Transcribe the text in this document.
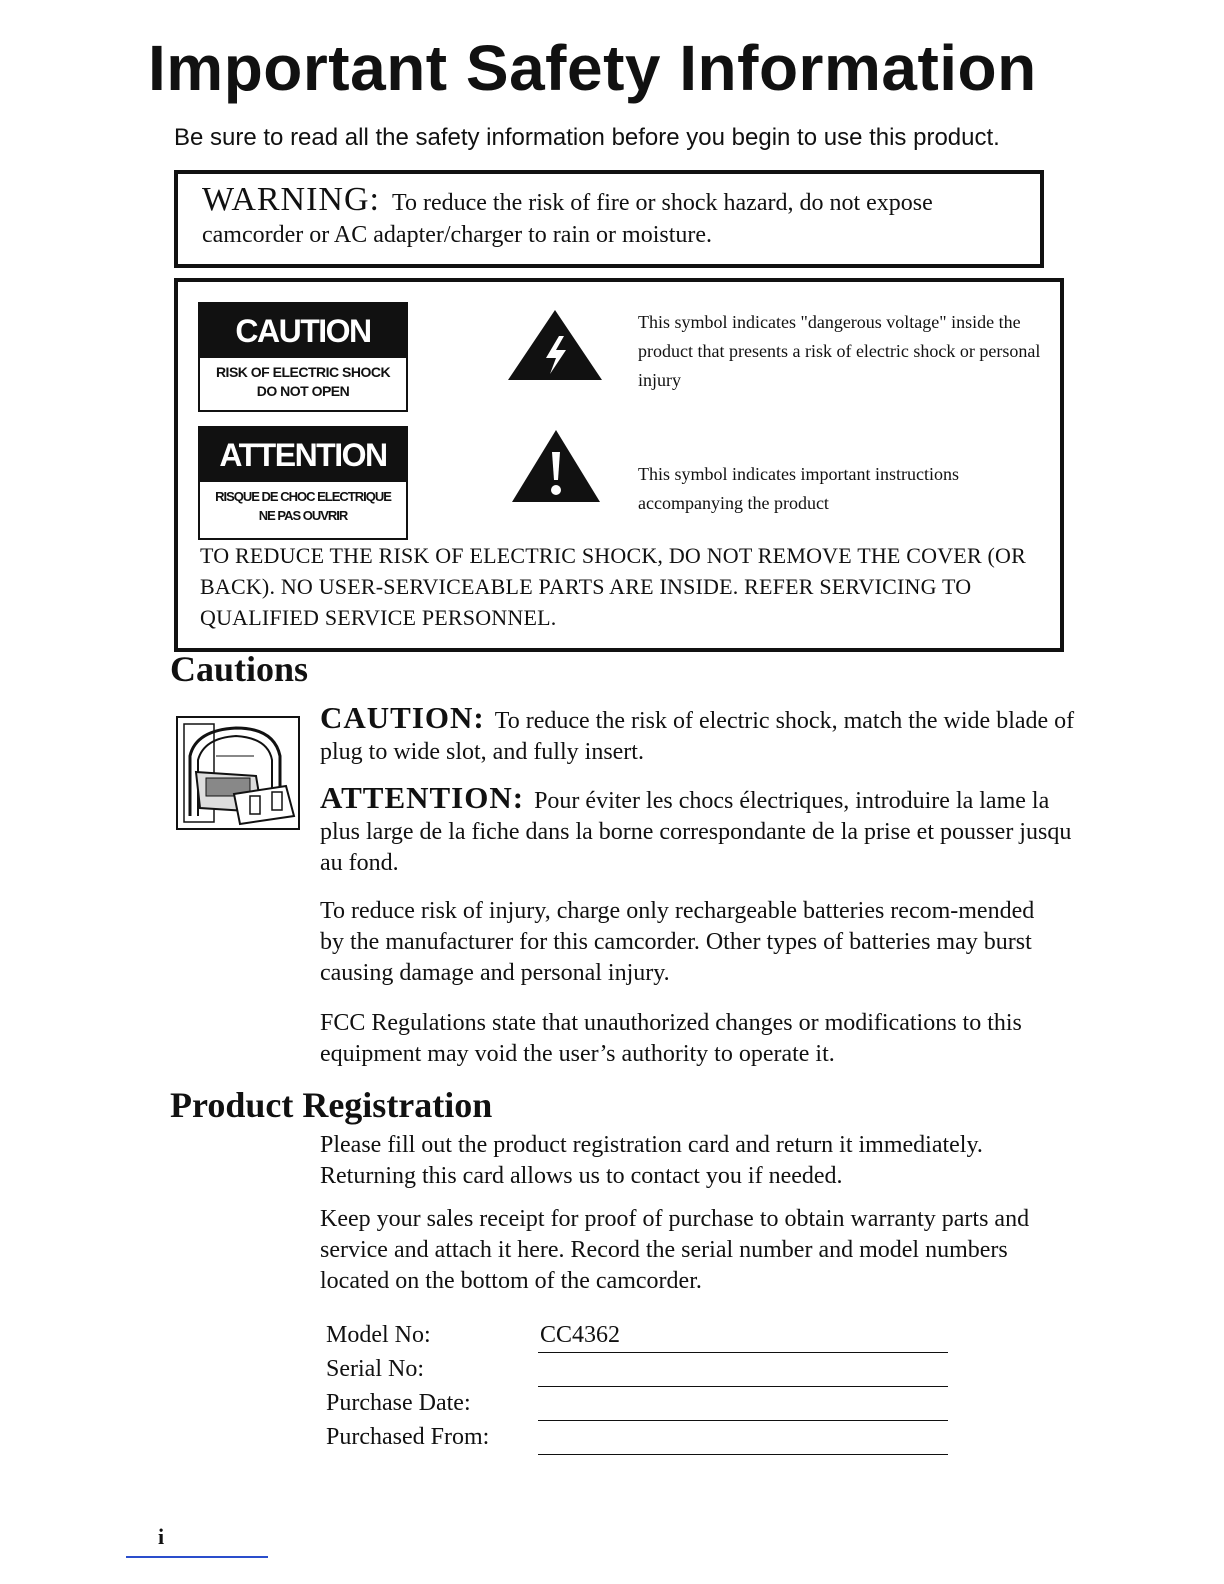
Important Safety Information
Be sure to read all the safety information before you begin to use this product.
WARNING: To reduce the risk of fire or shock hazard, do not expose camcorder or AC adapter/charger to rain or moisture.
CAUTION
RISK OF ELECTRIC SHOCK
DO NOT OPEN
ATTENTION
RISQUE DE CHOC ELECTRIQUE
NE PAS OUVRIR
This symbol indicates "dangerous voltage" inside the product that presents a risk of electric shock or personal injury
This symbol indicates important instructions accompanying the product
TO REDUCE THE RISK OF ELECTRIC SHOCK, DO NOT REMOVE THE COVER (OR BACK). NO USER-SERVICEABLE PARTS ARE INSIDE. REFER SERVICING TO QUALIFIED SERVICE PERSONNEL.
Cautions
CAUTION: To reduce the risk of electric shock, match the wide blade of plug to wide slot, and fully insert.
ATTENTION: Pour éviter les chocs électriques, introduire la lame la plus large de la fiche dans la borne correspondante de la prise et pousser jusqu au fond.
To reduce risk of injury, charge only rechargeable batteries recom-mended by the manufacturer for this camcorder. Other types of batteries may burst causing damage and personal injury.
FCC Regulations state that unauthorized changes or modifications to this equipment may void the user’s authority to operate it.
Product Registration
Please fill out the product registration card and return it immediately. Returning this card allows us to contact you if needed.
Keep your sales receipt for proof of purchase to obtain warranty parts and service and attach it here. Record the serial number and model numbers located on the bottom of the camcorder.
Model No:	CC4362
Serial No:
Purchase Date:
Purchased From:
i
